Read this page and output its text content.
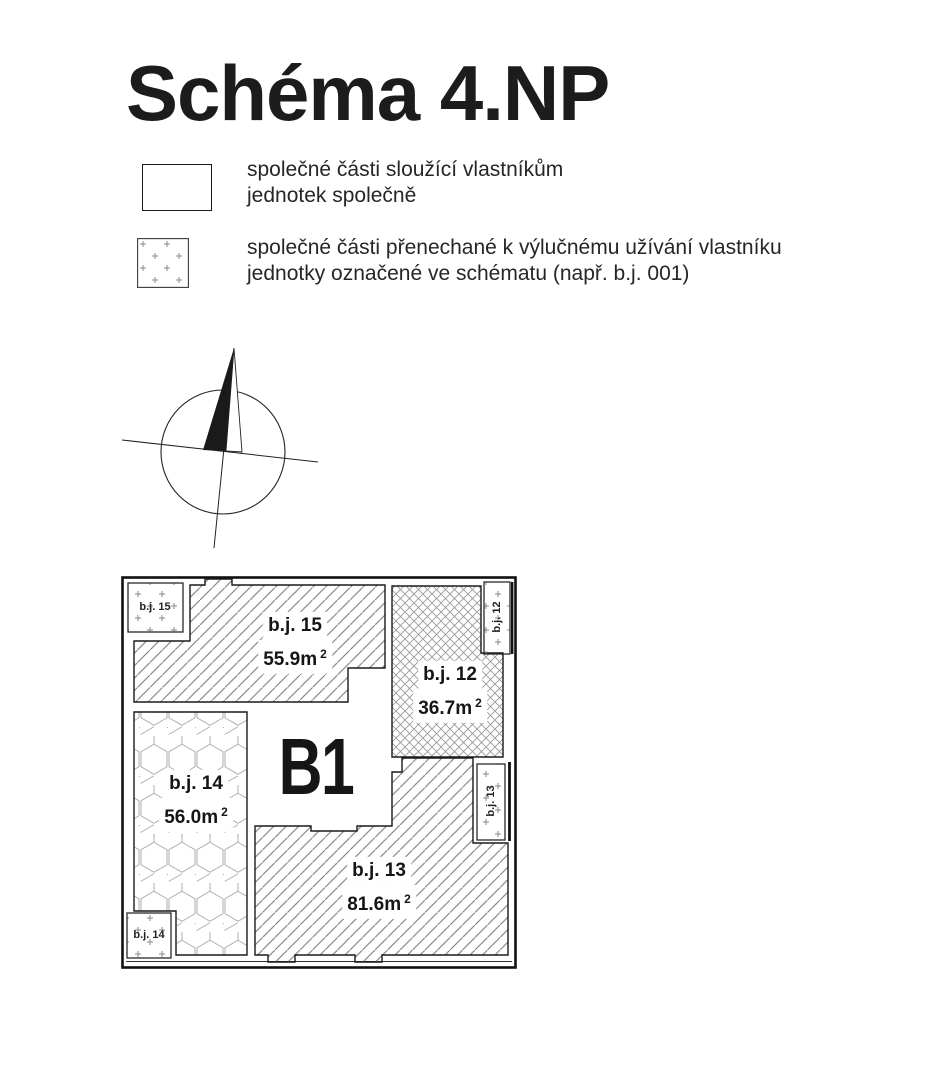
Schéma 4.NP
společné části sloužící vlastníkům
jednotek společně
společné části přenechané k výlučnému užívání vlastníku
jednotky označené ve schématu (např. b.j. 001)
b.j. 15
55.9m $^2$
b.j. 12
36.7m $^2$
b.j. 14
56.0m $^2$
b.j. 13
81.6m $^2$
B1
b.j. 15	b.j. 12
b.j. 13
b.j. 14
